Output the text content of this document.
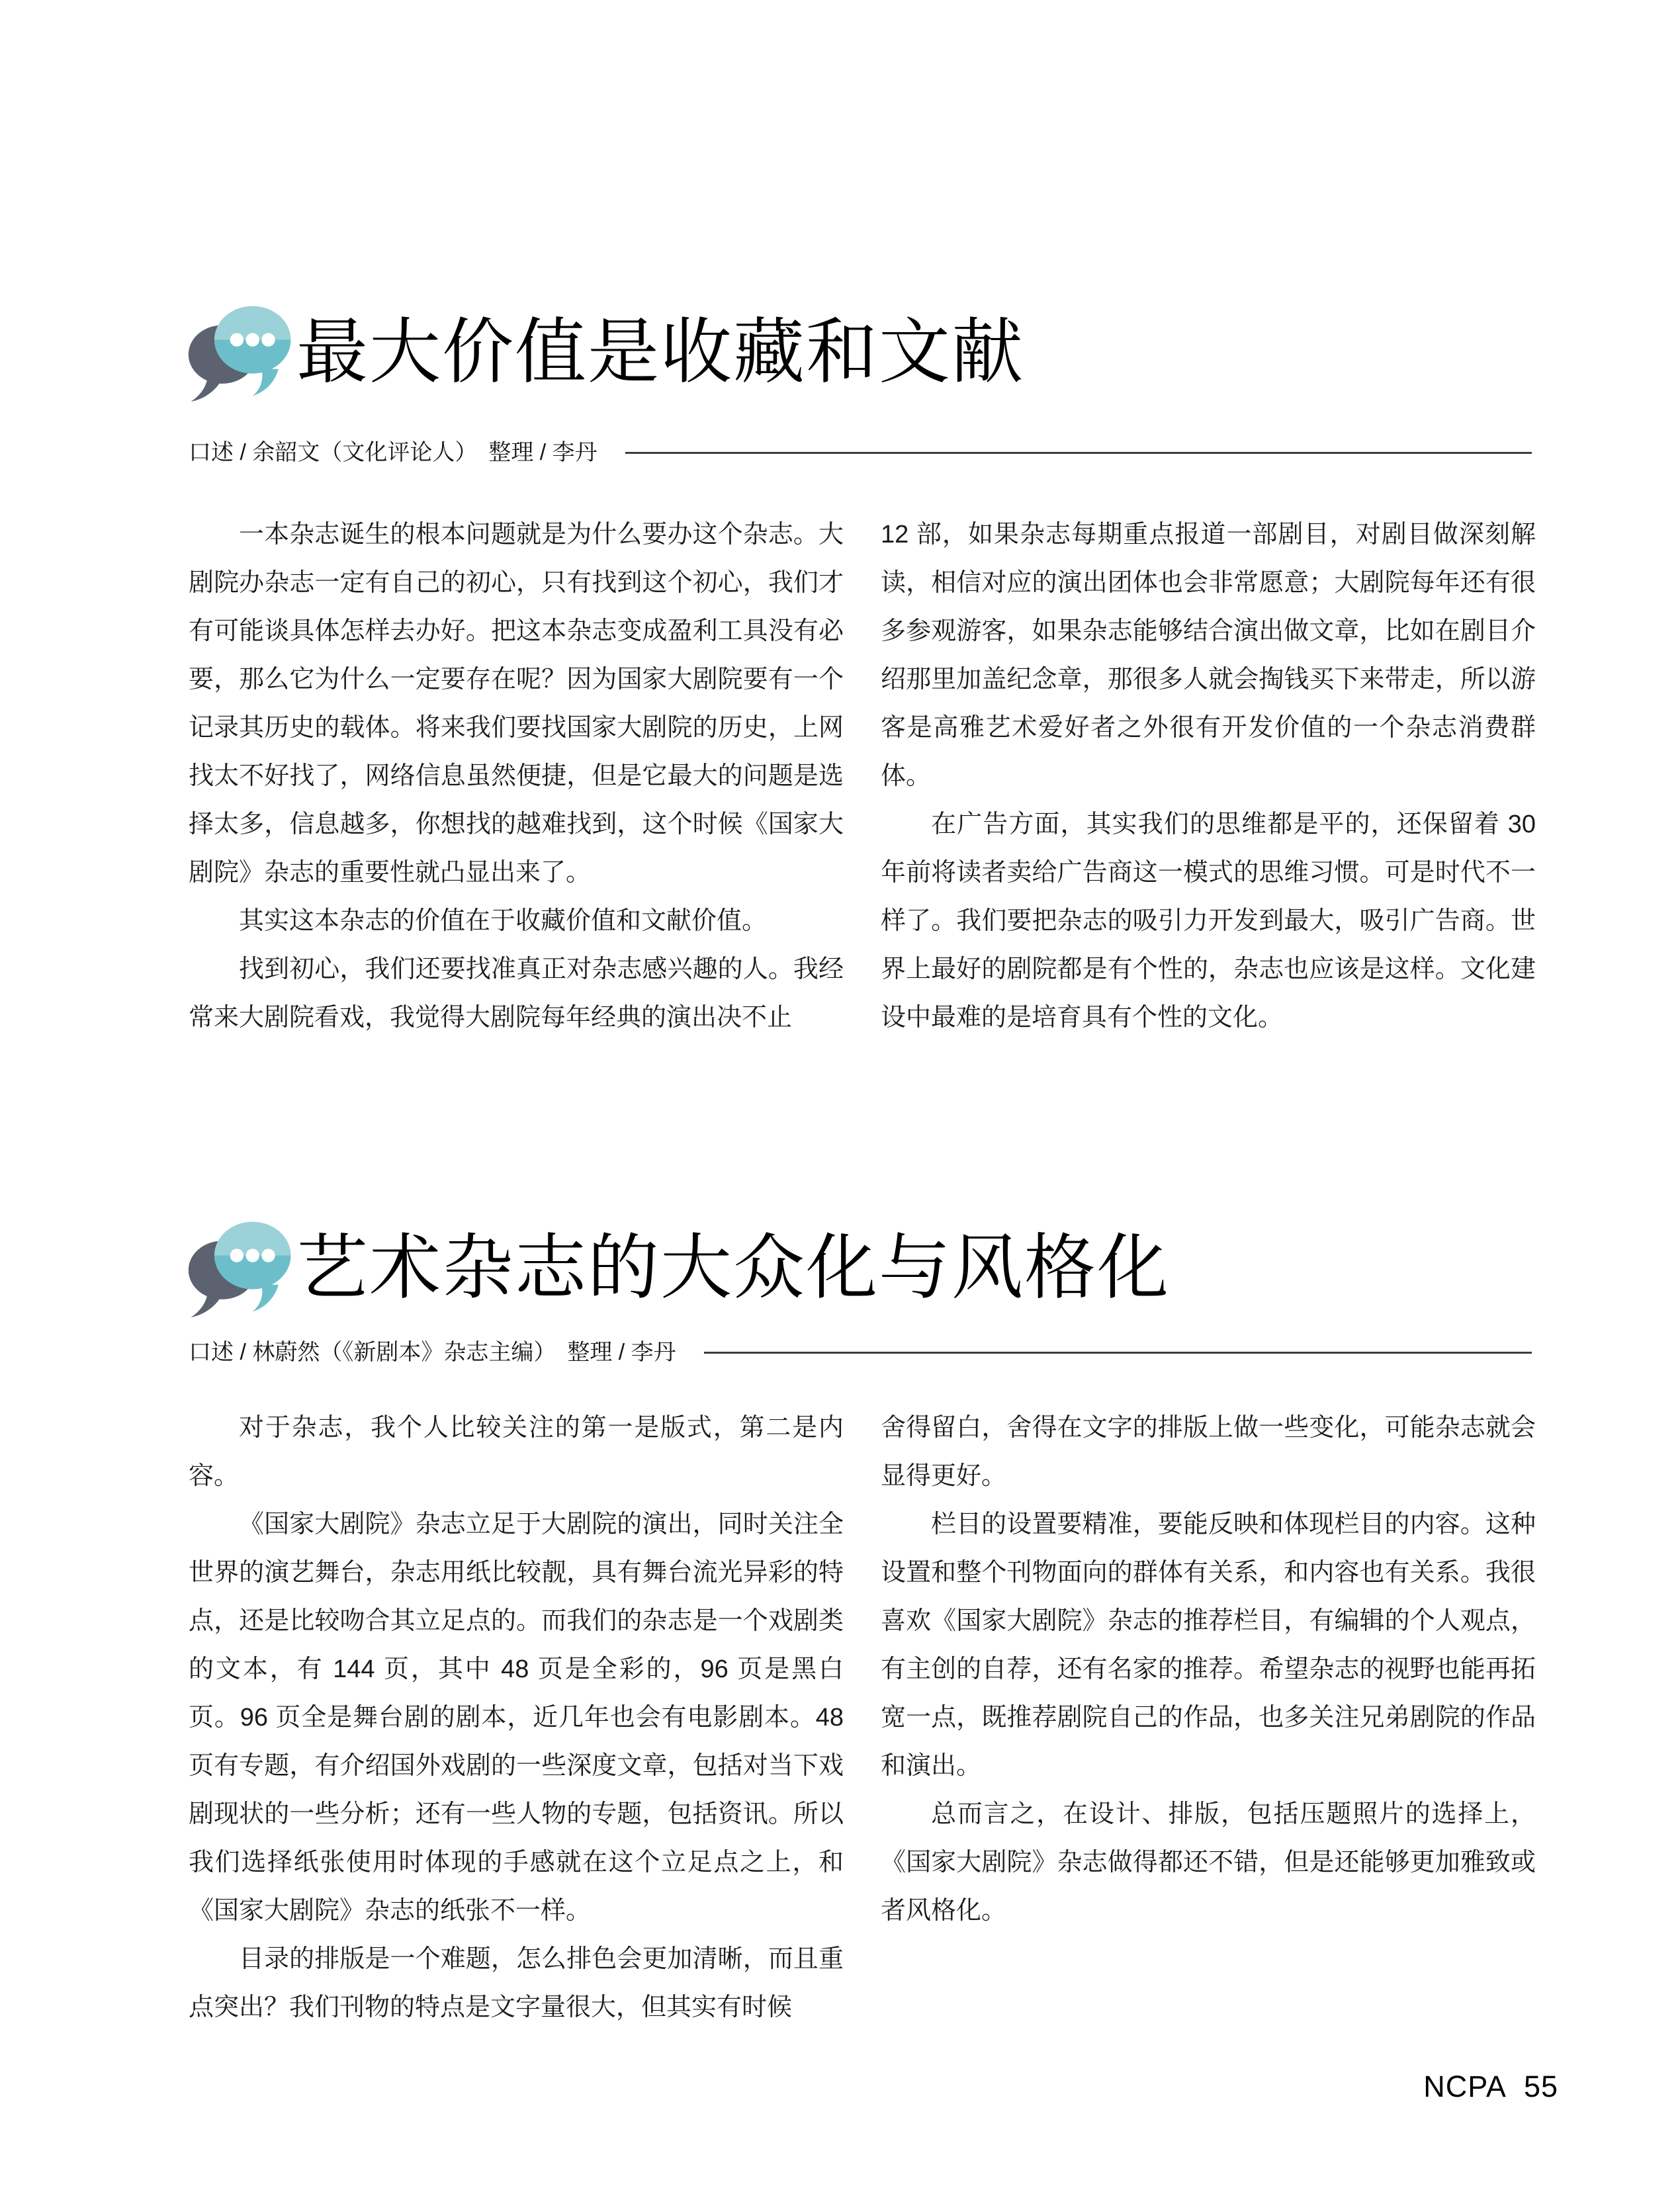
最大价值是收藏和文献
口述 / 余韶文（文化评论人）　整理 / 李丹

一本杂志诞生的根本问题就是为什么要办这个杂志。大剧院办杂志一定有自己的初心，只有找到这个初心，我们才有可能谈具体怎样去办好。把这本杂志变成盈利工具没有必要，那么它为什么一定要存在呢？因为国家大剧院要有一个记录其历史的载体。将来我们要找国家大剧院的历史，上网找太不好找了，网络信息虽然便捷，但是它最大的问题是选择太多，信息越多，你想找的越难找到，这个时候《国家大剧院》杂志的重要性就凸显出来了。

其实这本杂志的价值在于收藏价值和文献价值。

找到初心，我们还要找准真正对杂志感兴趣的人。我经常来大剧院看戏，我觉得大剧院每年经典的演出决不止

12 部，如果杂志每期重点报道一部剧目，对剧目做深刻解读，相信对应的演出团体也会非常愿意；大剧院每年还有很多参观游客，如果杂志能够结合演出做文章，比如在剧目介绍那里加盖纪念章，那很多人就会掏钱买下来带走，所以游客是高雅艺术爱好者之外很有开发价值的一个杂志消费群体。

在广告方面，其实我们的思维都是平的，还保留着 30 年前将读者卖给广告商这一模式的思维习惯。可是时代不一样了。我们要把杂志的吸引力开发到最大，吸引广告商。世界上最好的剧院都是有个性的，杂志也应该是这样。文化建设中最难的是培育具有个性的文化。

艺术杂志的大众化与风格化
口述 / 林蔚然（《新剧本》杂志主编）　整理 / 李丹

对于杂志，我个人比较关注的第一是版式，第二是内容。

《国家大剧院》杂志立足于大剧院的演出，同时关注全世界的演艺舞台，杂志用纸比较靓，具有舞台流光异彩的特点，还是比较吻合其立足点的。而我们的杂志是一个戏剧类的文本，有 144 页，其中 48 页是全彩的，96 页是黑白页。96 页全是舞台剧的剧本，近几年也会有电影剧本。48 页有专题，有介绍国外戏剧的一些深度文章，包括对当下戏剧现状的一些分析；还有一些人物的专题，包括资讯。所以我们选择纸张使用时体现的手感就在这个立足点之上，和《国家大剧院》杂志的纸张不一样。

目录的排版是一个难题，怎么排色会更加清晰，而且重点突出？我们刊物的特点是文字量很大，但其实有时候

舍得留白，舍得在文字的排版上做一些变化，可能杂志就会显得更好。

栏目的设置要精准，要能反映和体现栏目的内容。这种设置和整个刊物面向的群体有关系，和内容也有关系。我很喜欢《国家大剧院》杂志的推荐栏目，有编辑的个人观点，有主创的自荐，还有名家的推荐。希望杂志的视野也能再拓宽一点，既推荐剧院自己的作品，也多关注兄弟剧院的作品和演出。

总而言之，在设计、排版，包括压题照片的选择上，《国家大剧院》杂志做得都还不错，但是还能够更加雅致或者风格化。

NCPA 55
